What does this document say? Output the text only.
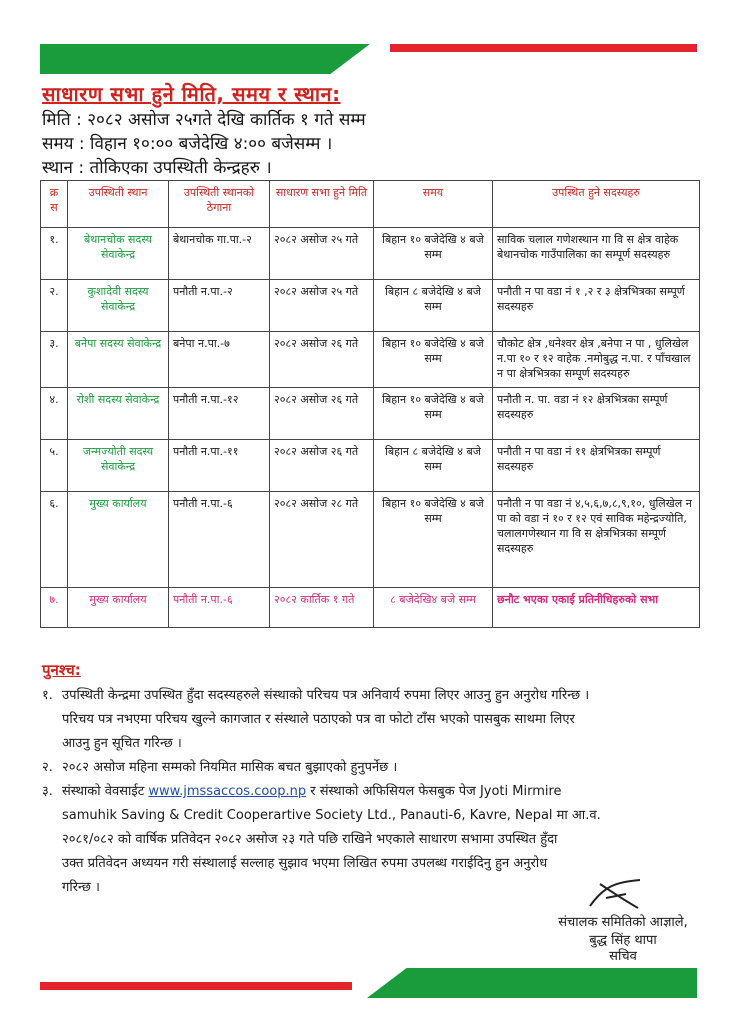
साधारण सभा हुने मिति, समय र स्थान:
मिति : २०८२ असोज २५गते देखि कार्तिक १ गते सम्म
समय : विहान १०:०० बजेदेखि ४:०० बजेसम्म ।
स्थान : तोकिएका उपस्थिती केन्द्रहरु ।
क्र स	उपस्थिती स्थान	उपस्थिती स्थानको ठेगाना	साधारण सभा हुने मिति	समय	उपस्थित हुने सदस्यहरु
१.	बेथानचोक सदस्य सेवाकेन्द्र	बेथानचोक गा.पा.-२	२०८२ असोज २५ गते	बिहान १० बजेदेखि ४ बजे सम्म	साविक चलाल गणेशस्थान गा वि स क्षेत्र वाहेक बेथानचोक गाउँपालिका का सम्पूर्ण सदस्यहरु
२.	कुशादेवी सदस्य सेवाकेन्द्र	पनौती न.पा.-२	२०८२ असोज २५ गते	बिहान ८ बजेदेखि ४ बजे सम्म	पनौती न पा वडा नं १ ,२ र ३ क्षेत्रभित्रका सम्पूर्ण सदस्यहरु
३.	बनेपा सदस्य सेवाकेन्द्र	बनेपा न.पा.-७	२०८२ असोज २६ गते	बिहान १० बजेदेखि ४ बजे सम्म	चौकोट क्षेत्र ,धनेश्वर क्षेत्र ,बनेपा न पा , धुलिखेल न.पा १० र १२ वाहेक .नमोबुद्ध न.पा. र पाँचखाल न पा क्षेत्रभित्रका सम्पूर्ण सदस्यहरु
४.	रोशी सदस्य सेवाकेन्द्र	पनौती न.पा.-१२	२०८२ असोज २६ गते	बिहान १० बजेदेखि ४ बजे सम्म	पनौती न. पा. वडा नं १२ क्षेत्रभित्रका सम्पूर्ण सदस्यहरु
५.	जन्मज्योती सदस्य सेवाकेन्द्र	पनौती न.पा.-११	२०८२ असोज २६ गते	बिहान ८ बजेदेखि ४ बजे सम्म	पनौती न पा वडा नं ११ क्षेत्रभित्रका सम्पूर्ण सदस्यहरु
६.	मुख्य कार्यालय	पनौती न.पा.-६	२०८२ असोज २८ गते	बिहान १० बजेदेखि ४ बजे सम्म	पनौती न पा वडा नं ४,५,६,७,८,९,१०, धुलिखेल न पा को वडा नं १० र १२ एवं साविक महेन्द्रज्योति, चलालगणेस्थान गा वि स क्षेत्रभित्रका सम्पूर्ण सदस्यहरु
७.	मुख्य कार्यालय	पनौती न.पा.-६	२०८२ कार्तिक १ गते	८ बजेदेखि४ बजे सम्म	छनौट भएका एकाई प्रतिनीधिहरुको सभा
पुनश्च:
१. उपस्थिती केन्द्रमा उपस्थित हुँदा सदस्यहरुले संस्थाको परिचय पत्र अनिवार्य रुपमा लिएर आउनु हुन अनुरोध गरिन्छ ।
परिचय पत्र नभएमा परिचय खुल्ने कागजात र संस्थाले पठाएको पत्र वा फोटो टाँस भएको पासबुक साथमा लिएर
आउनु हुन सूचित गरिन्छ ।
२. २०८२ असोज महिना सम्मको नियमित मासिक बचत बुझाएको हुनुपर्नेछ ।
३. संस्थाको वेवसाईट www.jmssaccos.coop.np र संस्थाको अफिसियल फेसबुक पेज Jyoti Mirmire
samuhik Saving & Credit Cooperartive Society Ltd., Panauti-6, Kavre, Nepal मा आ.व.
२०८१/०८२ को वार्षिक प्रतिवेदन २०८२ असोज २३ गते पछि राखिने भएकाले साधारण सभामा उपस्थित हुँदा
उक्त प्रतिवेदन अध्ययन गरी संस्थालाई सल्लाह सुझाव भएमा लिखित रुपमा उपलब्ध गराईदिनु हुन अनुरोध
गरिन्छ ।
संचालक समितिको आज्ञाले,
बुद्ध सिंह थापा
सचिव
